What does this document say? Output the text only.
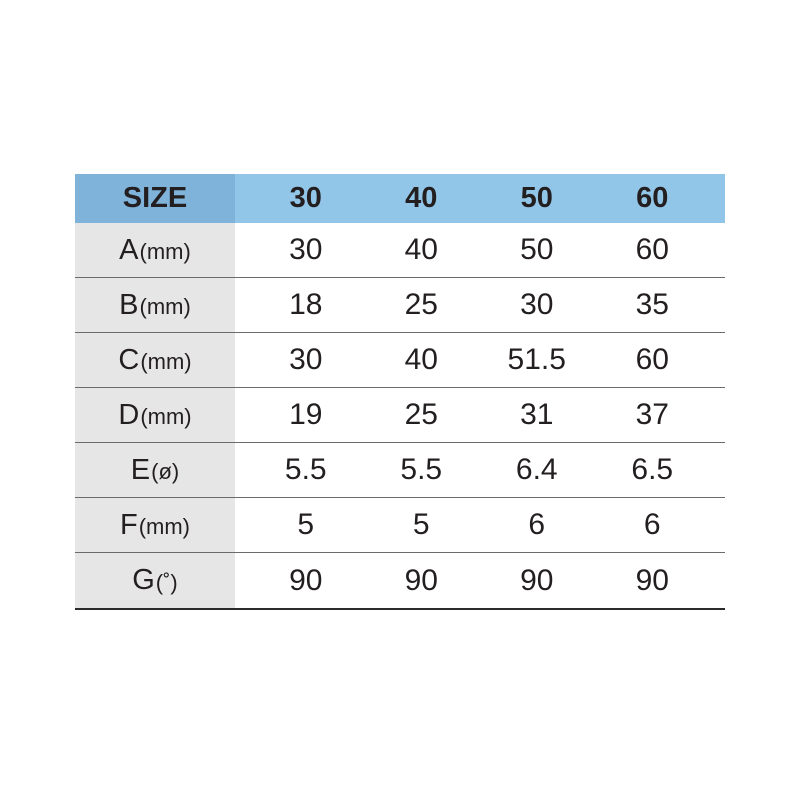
SIZE	30	40	50	60
A (mm)	30	40	50	60
B (mm)	18	25	30	35
C (mm)	30	40	51.5	60
D (mm)	19	25	31	37
E (ø)	5.5	5.5	6.4	6.5
F (mm)	5	5	6	6
G (˚)	90	90	90	90
